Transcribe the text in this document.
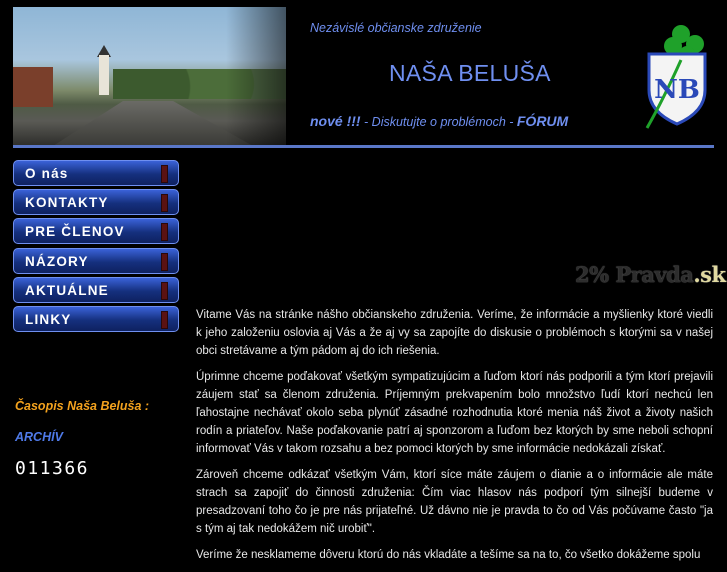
Nezávislé občianske združenie
NAŠA BELUŠA
nové !!! - Diskutujte o problémoch - FÓRUM
NB
O nás
KONTAKTY
PRE ČLENOV
NÁZORY
AKTUÁLNE
LINKY
Časopis Naša Beluša :
ARCHÍV
011366
2% Pravda.sk

Vitame Vás na stránke nášho občianskeho združenia. Veríme, že informácie a myšlienky ktoré viedli k jeho založeniu oslovia aj Vás a že aj vy sa zapojíte do diskusie o problémoch s ktorými sa v našej obci stretávame a tým pádom aj do ich riešenia.

Úprimne chceme poďakovať všetkým sympatizujúcim a ľuďom ktorí nás podporili a tým ktorí prejavili záujem stať sa členom združenia. Príjemným prekvapením bolo množstvo ľudí ktorí nechcú len ľahostajne nechávať okolo seba plynúť zásadné rozhodnutia ktoré menia náš život a životy našich rodín a priateľov. Naše poďakovanie patrí aj sponzorom a ľuďom bez ktorých by sme neboli schopní informovať Vás v takom rozsahu a bez pomoci ktorých by sme informácie nedokázali získať.

Zároveň chceme odkázať všetkým Vám, ktorí síce máte záujem o dianie a o informácie ale máte strach sa zapojiť do činnosti združenia: Čím viac hlasov nás podporí tým silnejší budeme v presadzovaní toho čo je pre nás prijateľné. Už dávno nie je pravda to čo od Vás počúvame často "ja s tým aj tak nedokážem nič urobiť".

Veríme že nesklameme dôveru ktorú do nás vkladáte a tešíme sa na to, čo všetko dokážeme spolu
